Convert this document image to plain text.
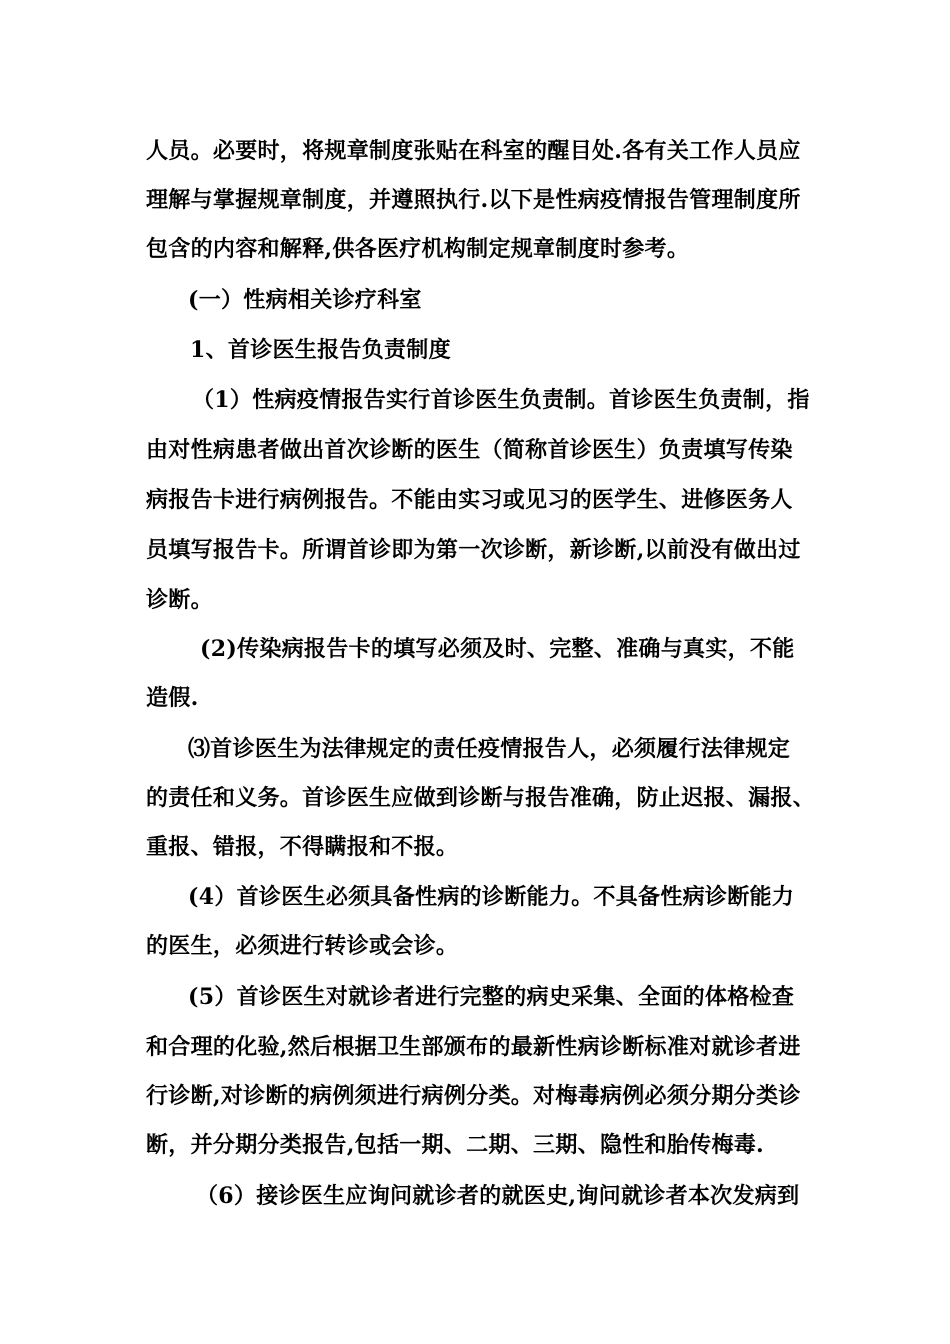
人员。必要时，将规章制度张贴在科室的醒目处.各有关工作人员应
理解与掌握规章制度，并遵照执行.以下是性病疫情报告管理制度所
包含的内容和解释,供各医疗机构制定规章制度时参考。
(一）性病相关诊疗科室
1、首诊医生报告负责制度
（1）性病疫情报告实行首诊医生负责制。首诊医生负责制，指
由对性病患者做出首次诊断的医生（简称首诊医生）负责填写传染
病报告卡进行病例报告。不能由实习或见习的医学生、进修医务人
员填写报告卡。所谓首诊即为第一次诊断，新诊断,以前没有做出过
诊断。
(2)传染病报告卡的填写必须及时、完整、准确与真实，不能
造假.
⑶首诊医生为法律规定的责任疫情报告人，必须履行法律规定
的责任和义务。首诊医生应做到诊断与报告准确，防止迟报、漏报、
重报、错报，不得瞒报和不报。
(4）首诊医生必须具备性病的诊断能力。不具备性病诊断能力
的医生，必须进行转诊或会诊。
(5）首诊医生对就诊者进行完整的病史采集、全面的体格检查
和合理的化验,然后根据卫生部颁布的最新性病诊断标准对就诊者进
行诊断,对诊断的病例须进行病例分类。对梅毒病例必须分期分类诊
断，并分期分类报告,包括一期、二期、三期、隐性和胎传梅毒.
（6）接诊医生应询问就诊者的就医史,询问就诊者本次发病到
